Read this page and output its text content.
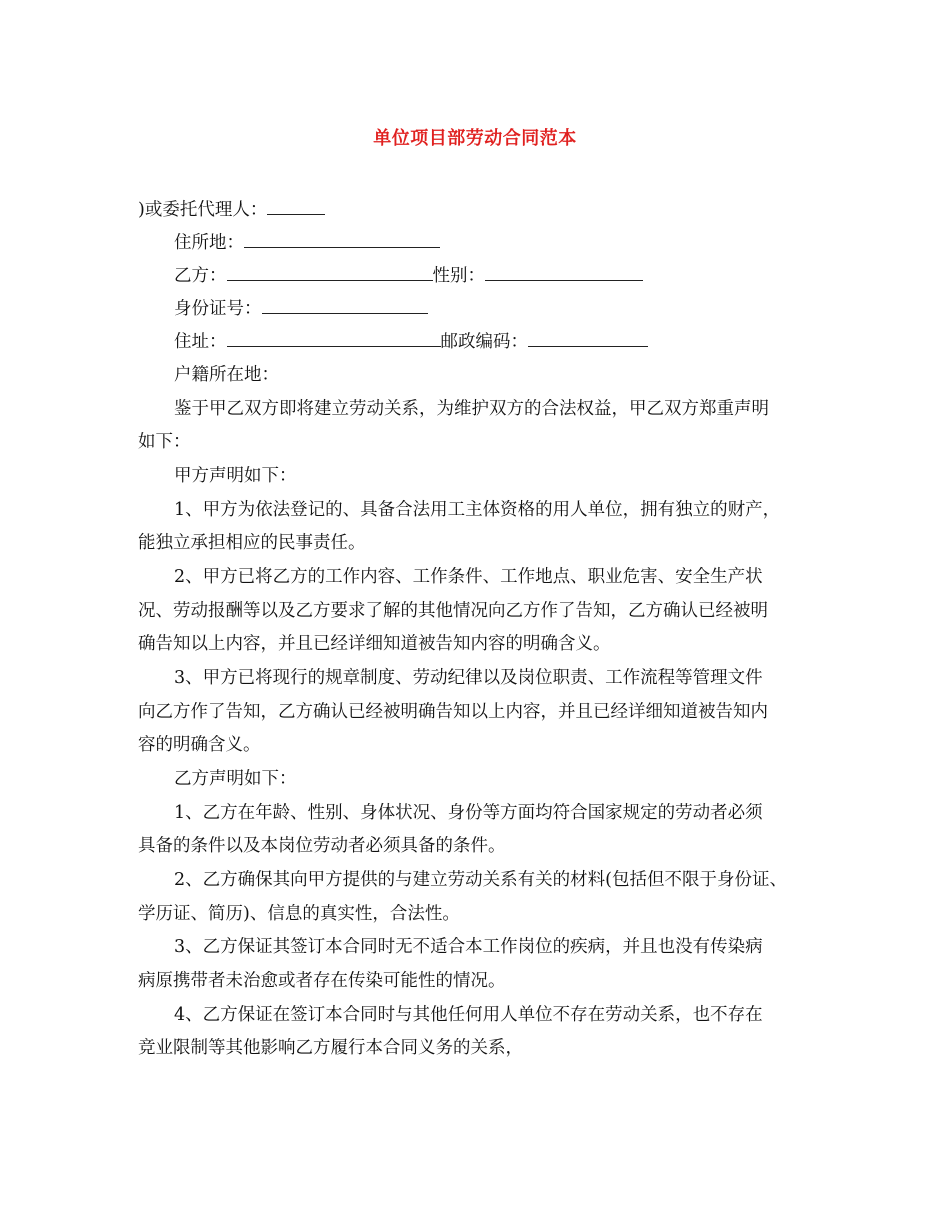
单位项目部劳动合同范本
)或委托代理人：
住所地：
乙方：	性别：
身份证号：
住址：	邮政编码：
户籍所在地：
鉴于甲乙双方即将建立劳动关系，为维护双方的合法权益，甲乙双方郑重声明
如下：
甲方声明如下：
1、甲方为依法登记的、具备合法用工主体资格的用人单位，拥有独立的财产，
能独立承担相应的民事责任。
2、甲方已将乙方的工作内容、工作条件、工作地点、职业危害、安全生产状
况、劳动报酬等以及乙方要求了解的其他情况向乙方作了告知，乙方确认已经被明
确告知以上内容，并且已经详细知道被告知内容的明确含义。
3、甲方已将现行的规章制度、劳动纪律以及岗位职责、工作流程等管理文件
向乙方作了告知，乙方确认已经被明确告知以上内容，并且已经详细知道被告知内
容的明确含义。
乙方声明如下：
1、乙方在年龄、性别、身体状况、身份等方面均符合国家规定的劳动者必须
具备的条件以及本岗位劳动者必须具备的条件。
2、乙方确保其向甲方提供的与建立劳动关系有关的材料(包括但不限于身份证、
学历证、简历)、信息的真实性，合法性。
3、乙方保证其签订本合同时无不适合本工作岗位的疾病，并且也没有传染病
病原携带者未治愈或者存在传染可能性的情况。
4、乙方保证在签订本合同时与其他任何用人单位不存在劳动关系，也不存在
竞业限制等其他影响乙方履行本合同义务的关系，
